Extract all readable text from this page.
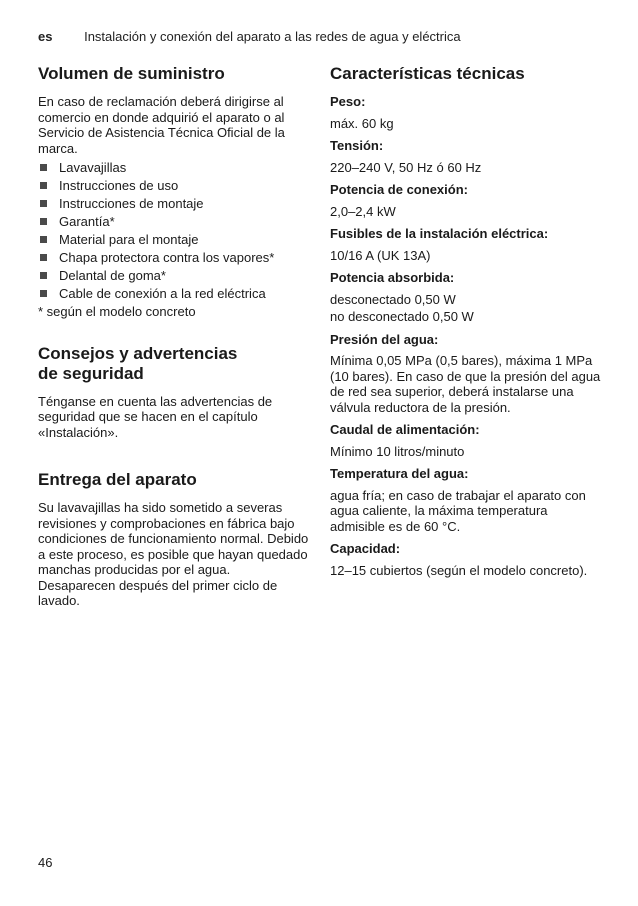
es Instalación y conexión del aparato a las redes de agua y eléctrica
Volumen de suministro

En caso de reclamación deberá dirigirse al comercio en donde adquirió el aparato o al Servicio de Asistencia Técnica Oficial de la marca.

Lavavajillas
Instrucciones de uso
Instrucciones de montaje
Garantía*
Material para el montaje
Chapa protectora contra los vapores*
Delantal de goma*
Cable de conexión a la red eléctrica

* según el modelo concreto

Consejos y advertencias
de seguridad

Ténganse en cuenta las advertencias de seguridad que se hacen en el capítulo «Instalación».

Entrega del aparato

Su lavavajillas ha sido sometido a severas revisiones y comprobaciones en fábrica bajo condiciones de funcionamiento normal. Debido a este proceso, es posible que hayan quedado manchas producidas por el agua. Desaparecen después del primer ciclo de lavado.

Características técnicas
Peso:
máx. 60 kg
Tensión:
220–240 V, 50 Hz ó 60 Hz
Potencia de conexión:
2,0–2,4 kW
Fusibles de la instalación eléctrica:
10/16 A (UK 13A)
Potencia absorbida:
desconectado 0,50 W
no desconectado 0,50 W
Presión del agua:
Mínima 0,05 MPa (0,5 bares), máxima 1 MPa (10 bares). En caso de que la presión del agua de red sea superior, deberá instalarse una válvula reductora de la presión.
Caudal de alimentación:
Mínimo 10 litros/minuto
Temperatura del agua:
agua fría; en caso de trabajar el aparato con agua caliente, la máxima temperatura admisible es de 60 °C.
Capacidad:
12–15 cubiertos (según el modelo concreto).
46
